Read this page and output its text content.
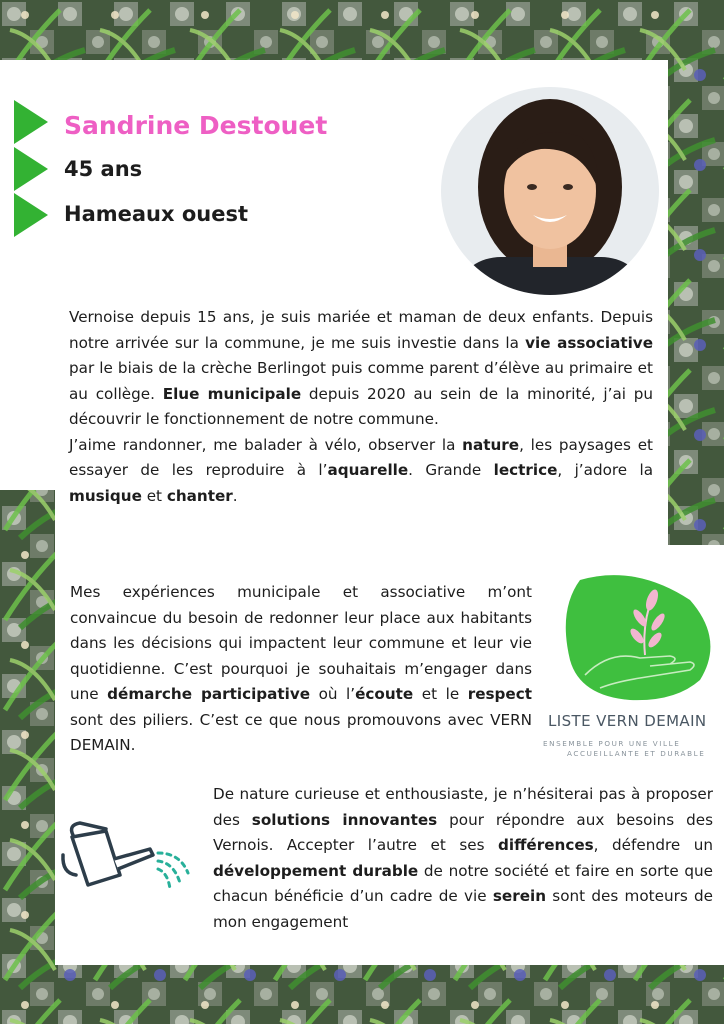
Sandrine Destouet
45 ans
Hameaux ouest
Vernoise depuis 15 ans, je suis mariée et maman de deux enfants. Depuis notre arrivée sur la commune, je me suis investie dans la vie associative par le biais de la crèche Berlingot puis comme parent d’élève au primaire et au collège. Elue municipale depuis 2020 au sein de la minorité, j’ai pu découvrir le fonctionnement de notre commune.
J’aime randonner, me balader à vélo, observer la nature, les paysages et essayer de les reproduire à l’aquarelle. Grande lectrice, j’adore la musique et chanter.
Mes expériences municipale et associative m’ont convaincue du besoin de redonner leur place aux habitants dans les décisions qui impactent leur commune et leur vie quotidienne. C’est pourquoi je souhaitais m’engager dans une démarche participative où l’écoute et le respect sont des piliers. C’est ce que nous promouvons avec VERN DEMAIN.
De nature curieuse et enthousiaste, je n’hésiterai pas à proposer des solutions innovantes pour répondre aux besoins des Vernois. Accepter l’autre et ses différences, défendre un développement durable de notre société et faire en sorte que chacun bénéficie d’un cadre de vie serein sont des moteurs de mon engagement
LISTE VERN DEMAIN
ENSEMBLE POUR UNE VILLE
ACCUEILLANTE ET DURABLE
